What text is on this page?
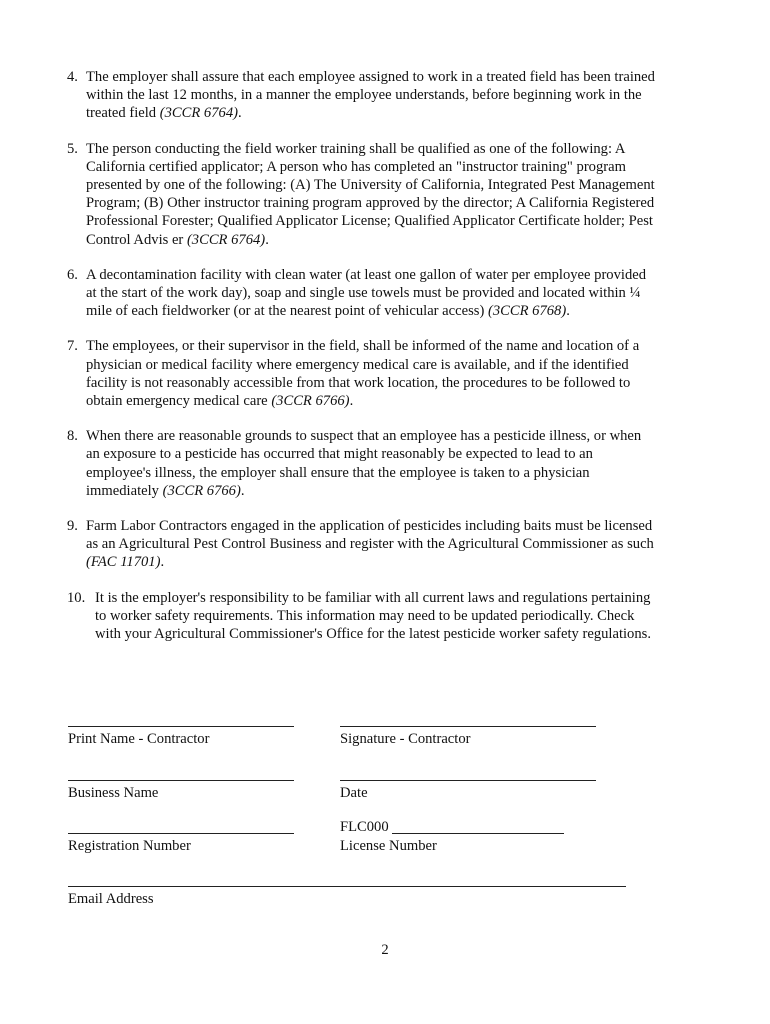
4. The employer shall assure that each employee assigned to work in a treated field has been trained within the last 12 months, in a manner the employee understands, before beginning work in the treated field (3CCR 6764).
5. The person conducting the field worker training shall be qualified as one of the following: A California certified applicator; A person who has completed an "instructor training" program presented by one of the following: (A) The University of California, Integrated Pest Management Program; (B) Other instructor training program approved by the director; A California Registered Professional Forester; Qualified Applicator License; Qualified Applicator Certificate holder; Pest Control Advis er (3CCR 6764).
6. A decontamination facility with clean water (at least one gallon of water per employee provided at the start of the work day), soap and single use towels must be provided and located within ¼ mile of each fieldworker (or at the nearest point of vehicular access) (3CCR 6768).
7. The employees, or their supervisor in the field, shall be informed of the name and location of a physician or medical facility where emergency medical care is available, and if the identified facility is not reasonably accessible from that work location, the procedures to be followed to obtain emergency medical care (3CCR 6766).
8. When there are reasonable grounds to suspect that an employee has a pesticide illness, or when an exposure to a pesticide has occurred that might reasonably be expected to lead to an employee's illness, the employer shall ensure that the employee is taken to a physician immediately (3CCR 6766).
9. Farm Labor Contractors engaged in the application of pesticides including baits must be licensed as an Agricultural Pest Control Business and register with the Agricultural Commissioner as such (FAC 11701).
10. It is the employer's responsibility to be familiar with all current laws and regulations pertaining to worker safety requirements. This information may need to be updated periodically. Check with your Agricultural Commissioner's Office for the latest pesticide worker safety regulations.
Print Name - Contractor	Signature - Contractor
Business Name	Date
Registration Number
FLC000
License Number
Email Address
2
